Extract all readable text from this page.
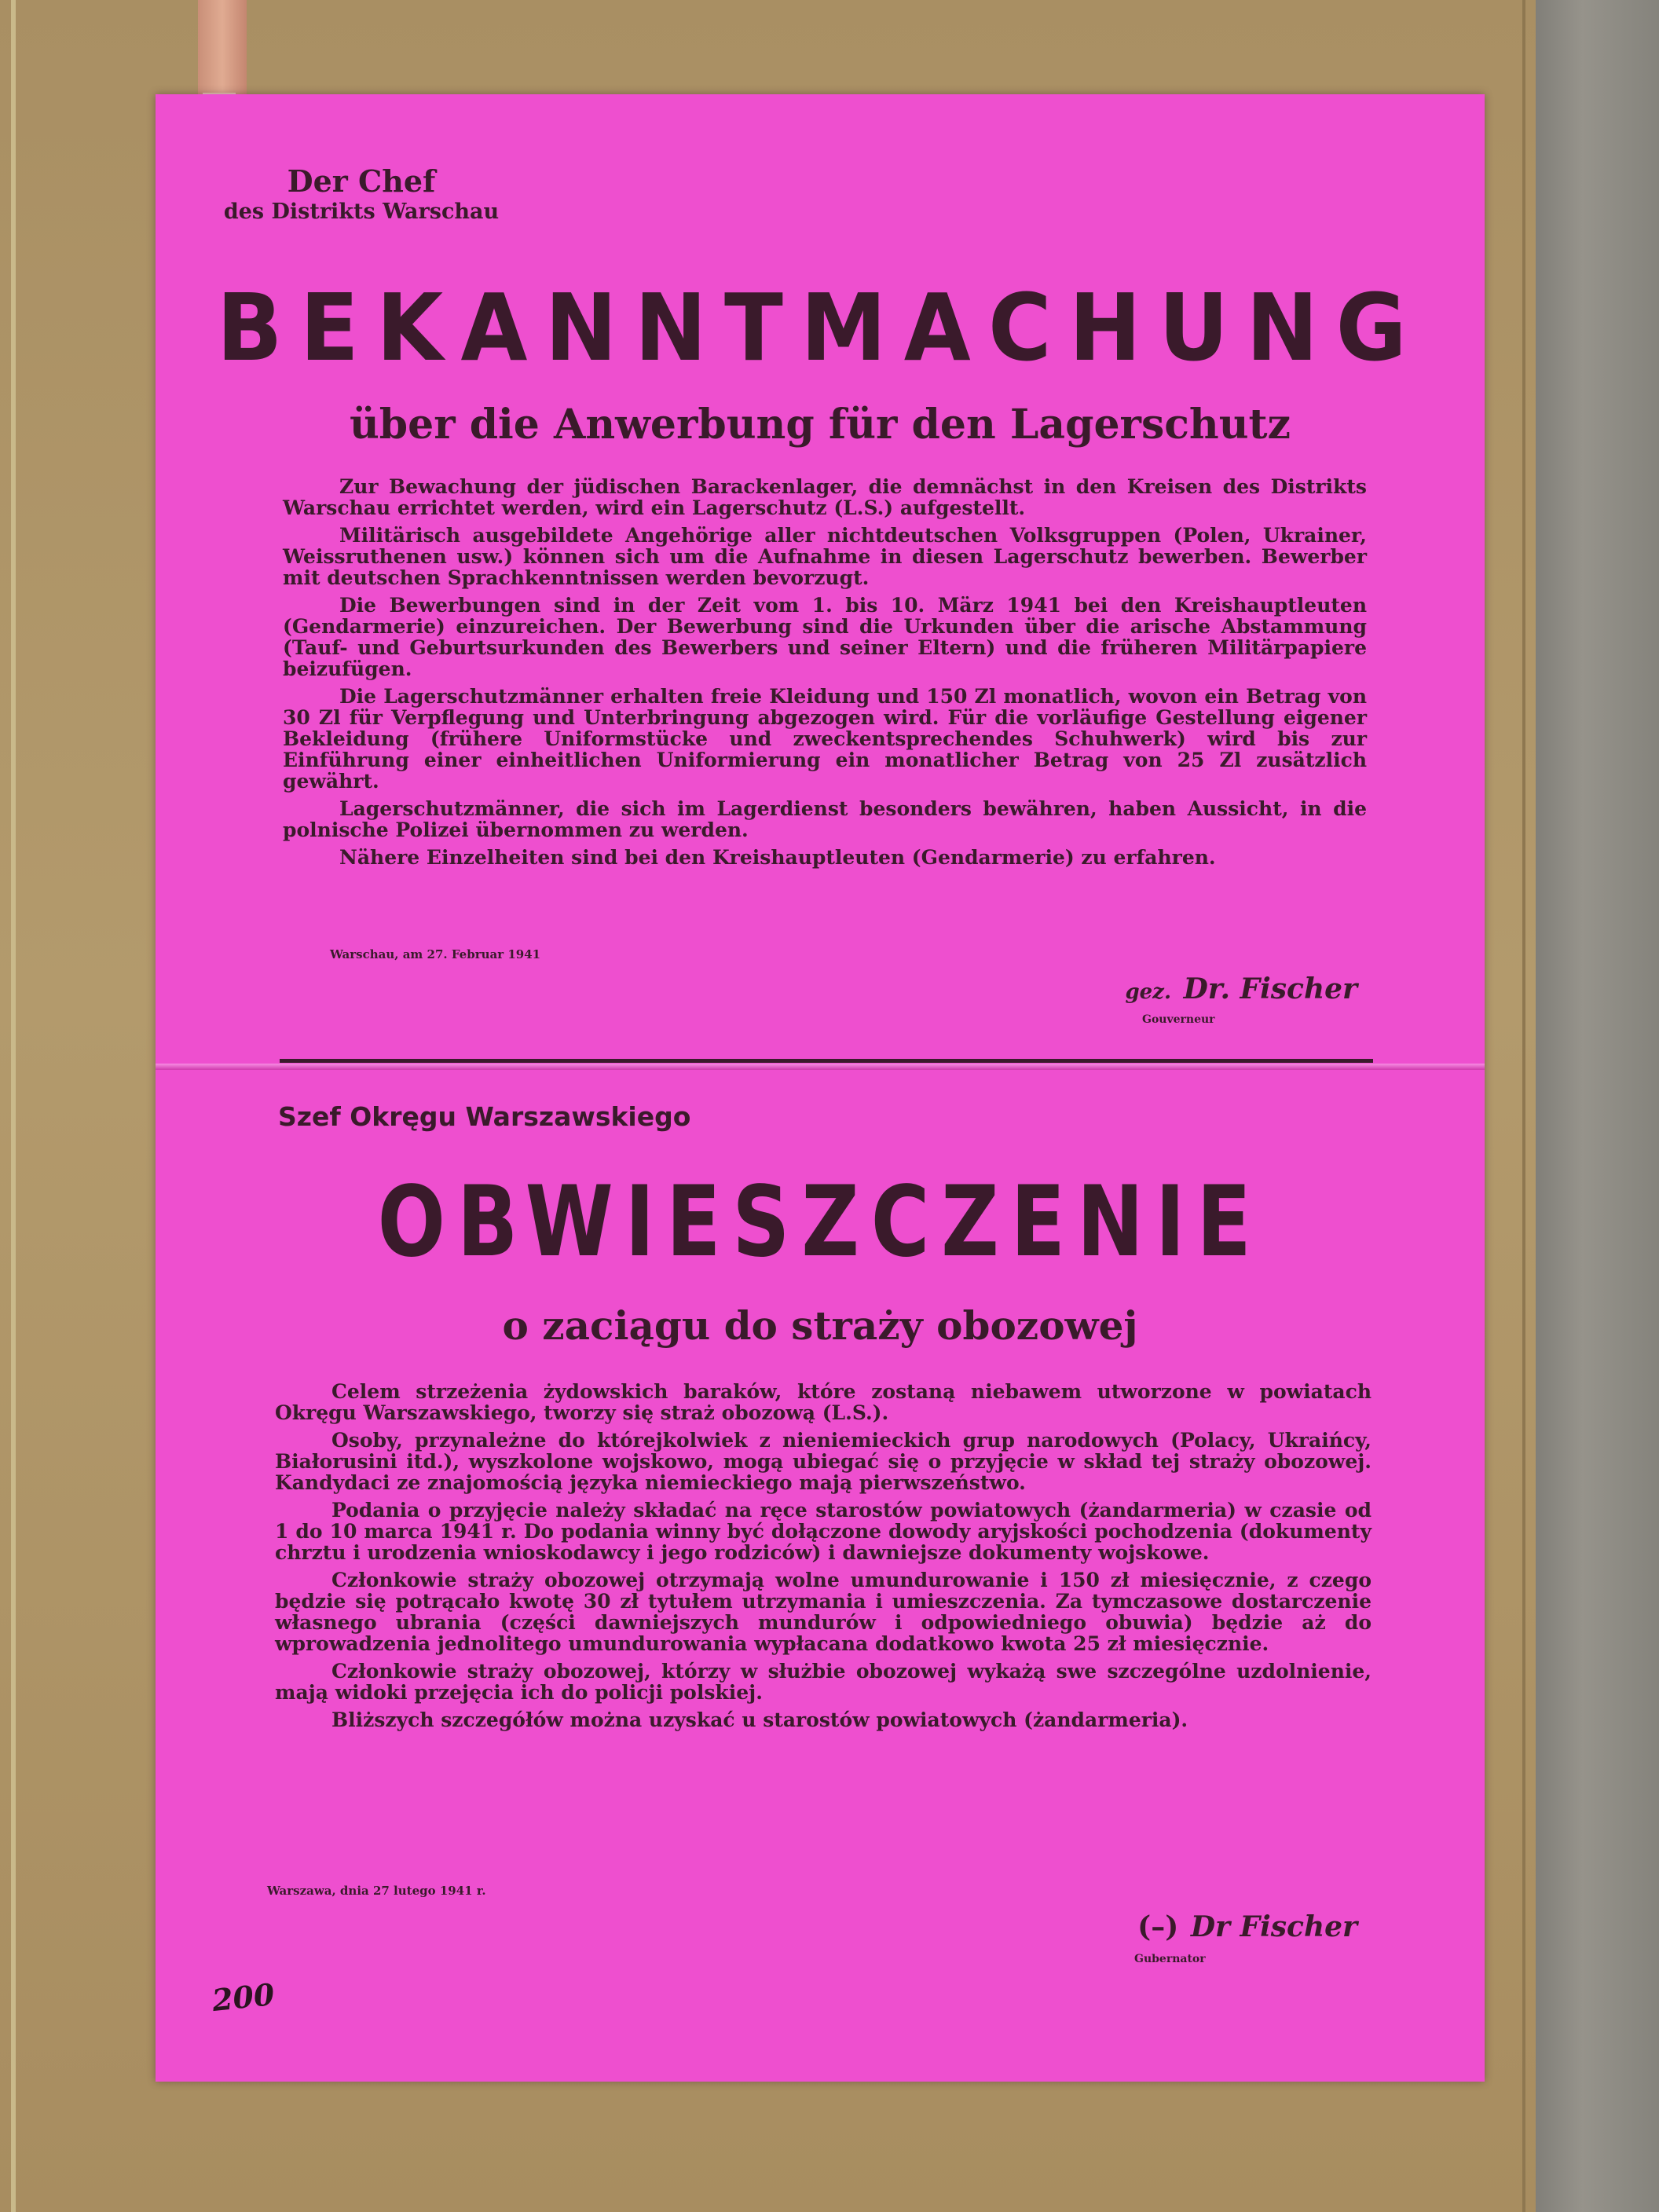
Der Chef
des Distrikts Warschau
BEKANNTMACHUNG
über die Anwerbung für den Lagerschutz

Zur Bewachung der jüdischen Barackenlager, die demnächst in den Kreisen des Distrikts Warschau errichtet werden, wird ein Lagerschutz (L.S.) aufgestellt.

Militärisch ausgebildete Angehörige aller nichtdeutschen Volksgruppen (Polen, Ukrainer, Weissruthenen usw.) können sich um die Aufnahme in diesen Lagerschutz bewerben. Bewerber mit deutschen Sprachkenntnissen werden bevorzugt.

Die Bewerbungen sind in der Zeit vom 1. bis 10. März 1941 bei den Kreishauptleuten (Gendarmerie) einzureichen. Der Bewerbung sind die Urkunden über die arische Abstammung (Tauf- und Geburtsurkunden des Bewerbers und seiner Eltern) und die früheren Militärpapiere beizufügen.

Die Lagerschutzmänner erhalten freie Kleidung und 150 Zl monatlich, wovon ein Betrag von 30 Zl für Verpflegung und Unterbringung abgezogen wird. Für die vorläufige Gestellung eigener Bekleidung (frühere Uniformstücke und zweckentsprechendes Schuhwerk) wird bis zur Einführung einer einheitlichen Uniformierung ein monatlicher Betrag von 25 Zl zusätzlich gewährt.

Lagerschutzmänner, die sich im Lagerdienst besonders bewähren, haben Aussicht, in die polnische Polizei übernommen zu werden.

Nähere Einzelheiten sind bei den Kreishauptleuten (Gendarmerie) zu erfahren.

Warschau, am 27. Februar 1941
gez. Dr. Fischer
Gouverneur
Szef Okręgu Warszawskiego
OBWIESZCZENIE
o zaciągu do straży obozowej

Celem strzeżenia żydowskich baraków, które zostaną niebawem utworzone w powiatach Okręgu Warszawskiego, tworzy się straż obozową (L.S.).

Osoby, przynależne do którejkolwiek z nieniemieckich grup narodowych (Polacy, Ukraińcy, Białorusini itd.), wyszkolone wojskowo, mogą ubiegać się o przyjęcie w skład tej straży obozowej. Kandydaci ze znajomością języka niemieckiego mają pierwszeństwo.

Podania o przyjęcie należy składać na ręce starostów powiatowych (żandarmeria) w czasie od 1 do 10 marca 1941 r. Do podania winny być dołączone dowody aryjskości pochodzenia (dokumenty chrztu i urodzenia wnioskodawcy i jego rodziców) i dawniejsze dokumenty wojskowe.

Członkowie straży obozowej otrzymają wolne umundurowanie i 150 zł miesięcznie, z czego będzie się potrącało kwotę 30 zł tytułem utrzymania i umieszczenia. Za tymczasowe dostarczenie własnego ubrania (części dawniejszych mundurów i odpowiedniego obuwia) będzie aż do wprowadzenia jednolitego umundurowania wypłacana dodatkowo kwota 25 zł miesięcznie.

Członkowie straży obozowej, którzy w służbie obozowej wykażą swe szczególne uzdolnienie, mają widoki przejęcia ich do policji polskiej.

Bliższych szczegółów można uzyskać u starostów powiatowych (żandarmeria).

Warszawa, dnia 27 lutego 1941 r.
(–) Dr Fischer
Gubernator
200
